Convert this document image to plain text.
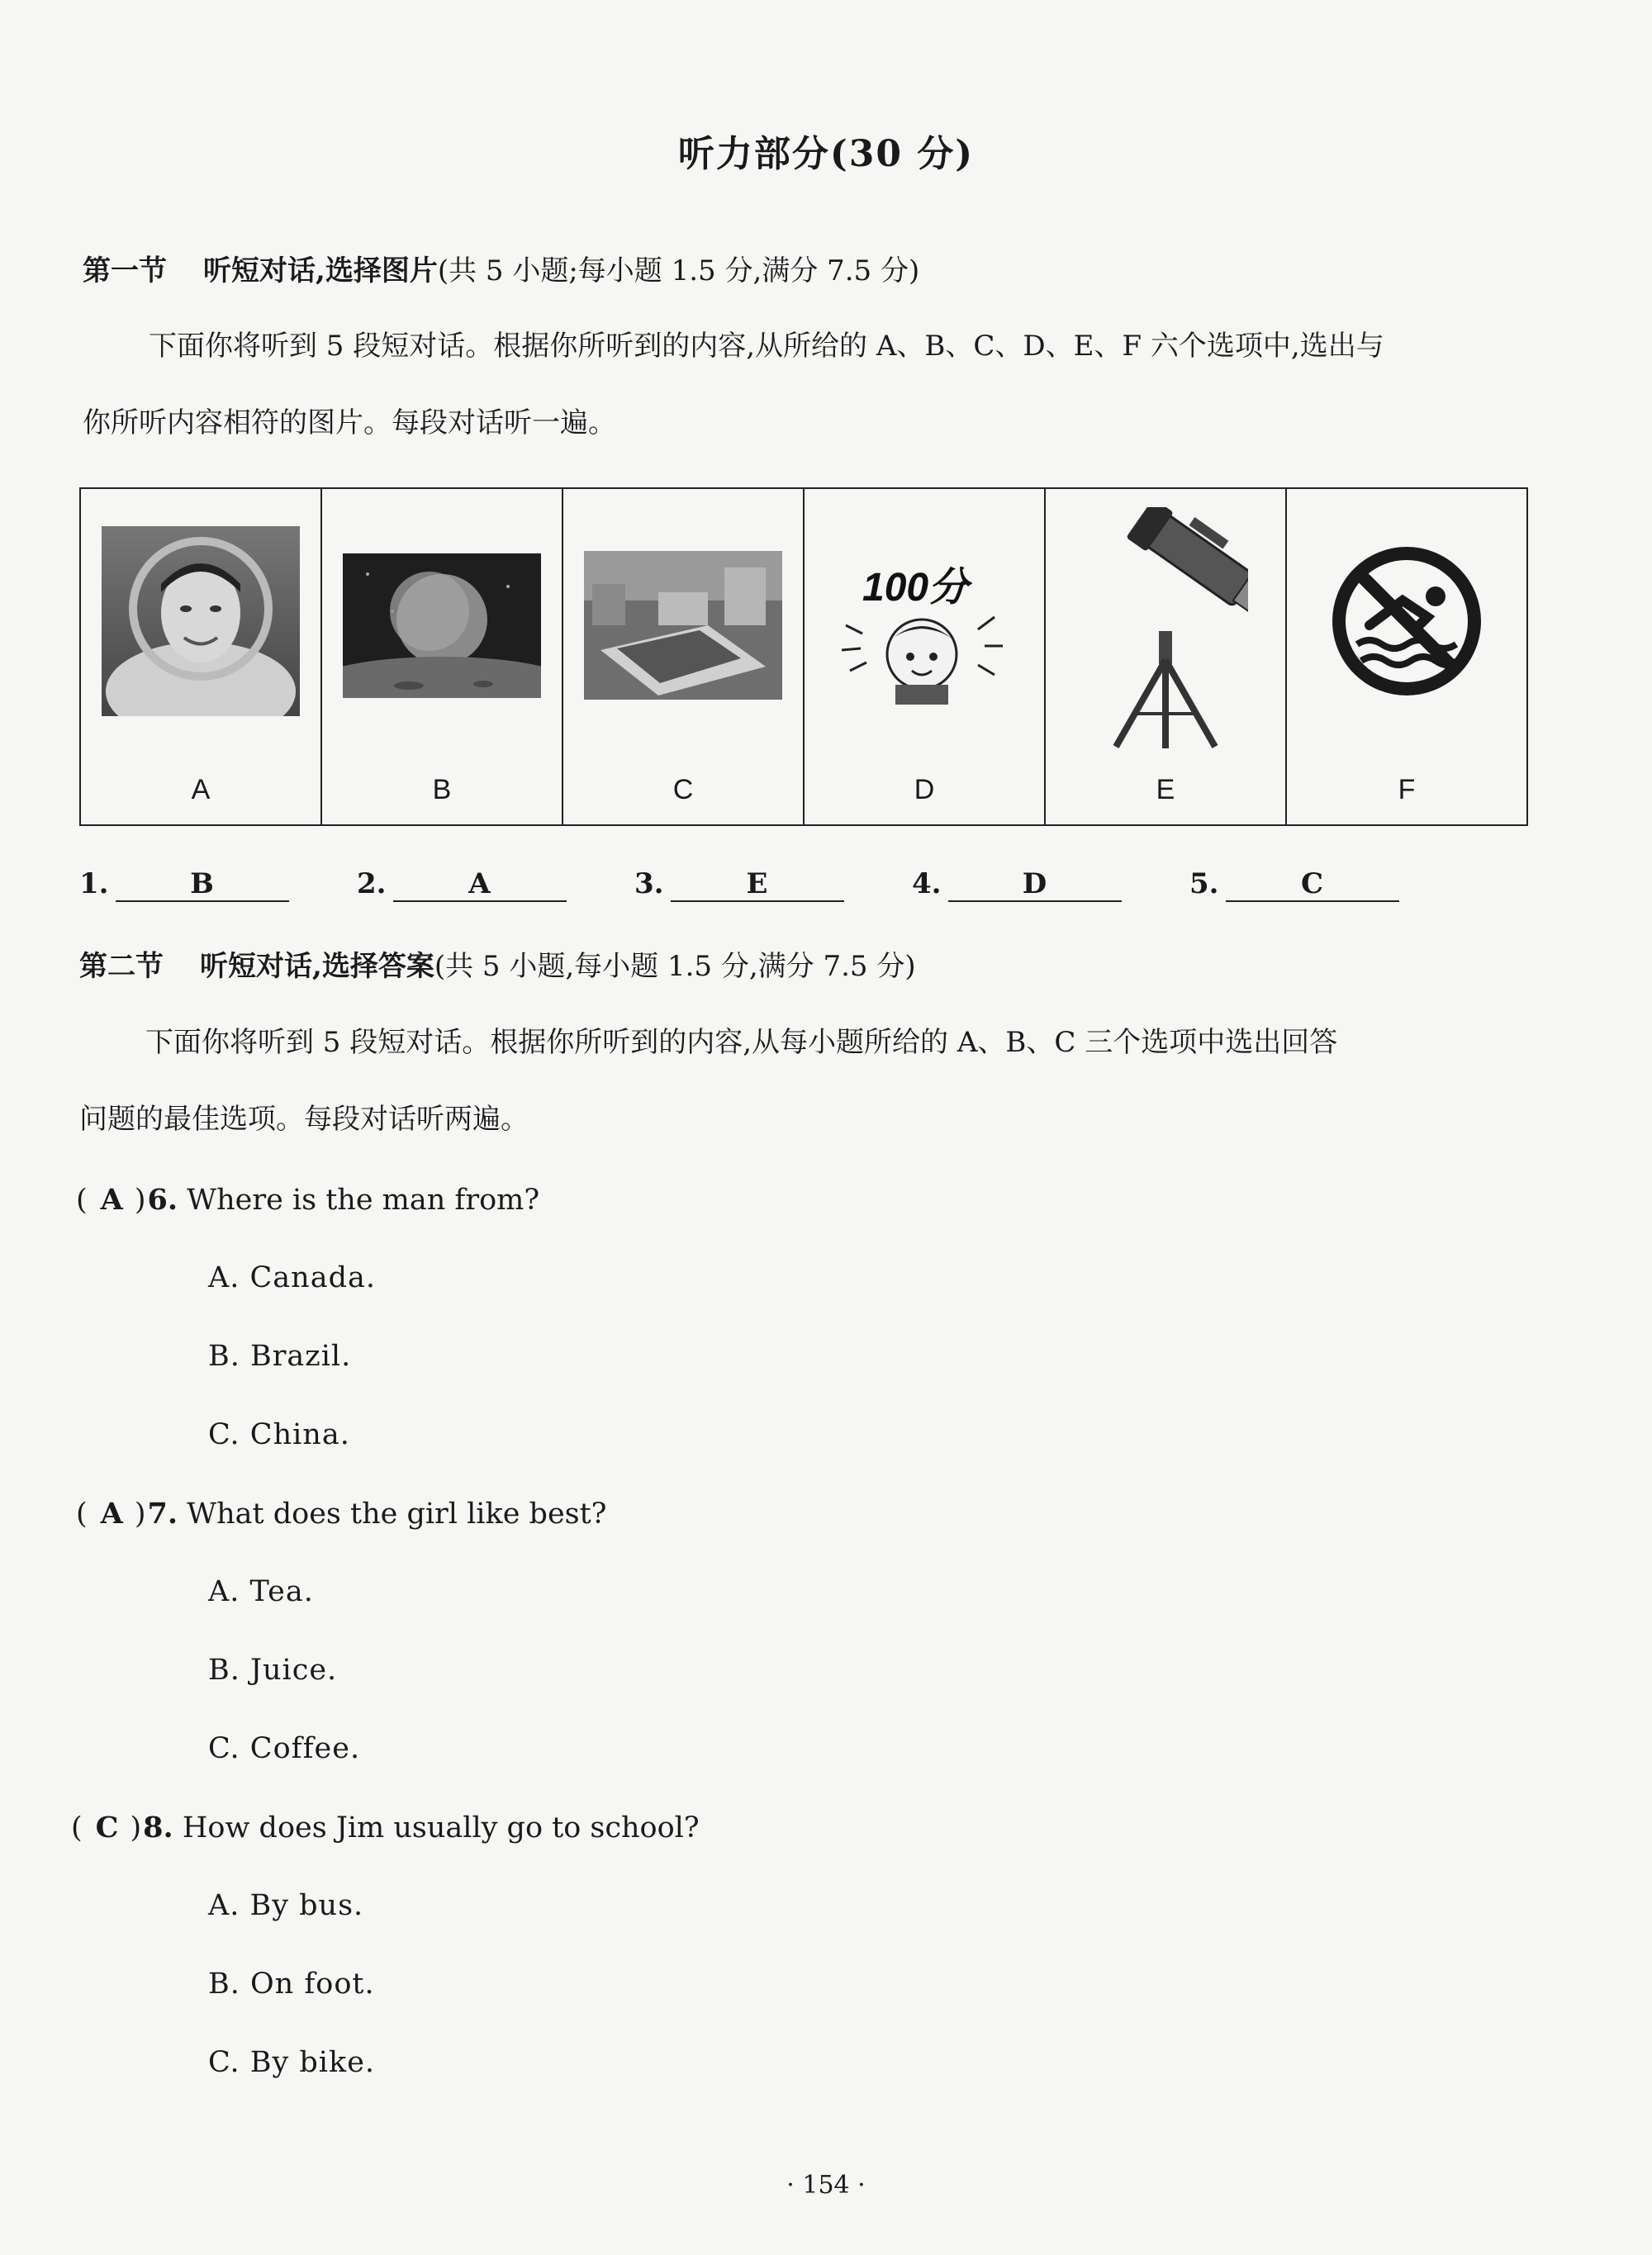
听力部分(30 分)
第一节 听短对话,选择图片(共 5 小题;每小题 1.5 分,满分 7.5 分)
下面你将听到 5 段短对话。根据你所听到的内容,从所给的 A、B、C、D、E、F 六个选项中,选出与
你所听内容相符的图片。每段对话听一遍。
A	B	C
100分
D	E	F
1.	B	2.	A	3.	E	4.	D	5.	C
第二节 听短对话,选择答案(共 5 小题,每小题 1.5 分,满分 7.5 分)
下面你将听到 5 段短对话。根据你所听到的内容,从每小题所给的 A、B、C 三个选项中选出回答
问题的最佳选项。每段对话听两遍。
( A )6. Where is the man from?
A. Canada.
B. Brazil.
C. China.
( A )7. What does the girl like best?
A. Tea.
B. Juice.
C. Coffee.
( C )8. How does Jim usually go to school?
A. By bus.
B. On foot.
C. By bike.
· 154 ·
